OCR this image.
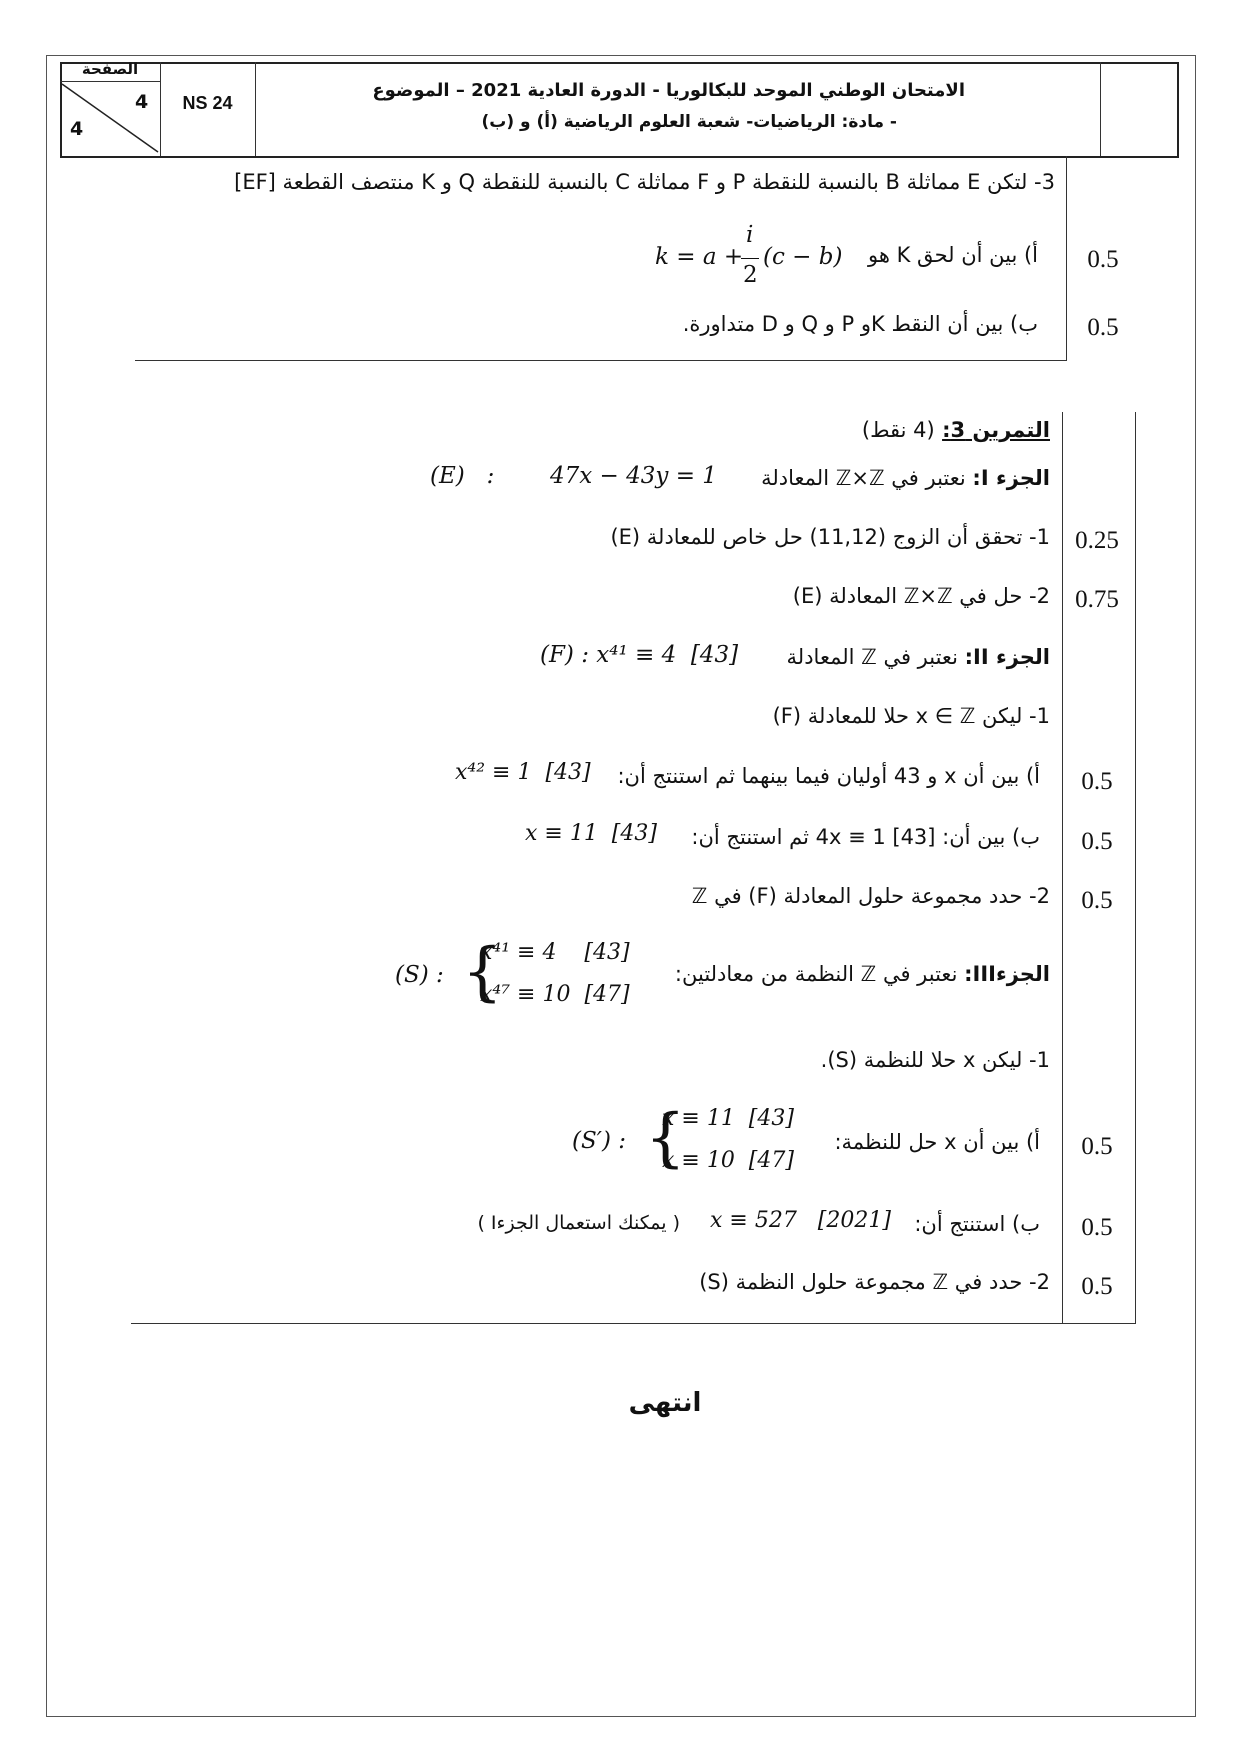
الصفحة
4
4
NS 24
الامتحان الوطني الموحد للبكالوريا - الدورة العادية 2021 – الموضوع
- مادة: الرياضيات- شعبة العلوم الرياضية (أ) و (ب)
3- لتكن E مماثلة B بالنسبة للنقطة P و F مماثلة C بالنسبة للنقطة Q و K منتصف القطعة [EF]
0.5
أ) بين أن لحق K هو
k = a +
i
2
(c − b)
0.5
ب) بين أن النقط Kو P و Q و D متداورة.
التمرين 3: (4 نقط)
الجزء I: نعتبر في ℤ×ℤ المعادلة
47x − 43y = 1
(E)   :
0.25
1- تحقق أن الزوج (11,12) حل خاص للمعادلة (E)
0.75
2- حل في ℤ×ℤ المعادلة (E)
الجزء II: نعتبر في ℤ المعادلة
(F) : x⁴¹ ≡ 4  [43]
1- ليكن x ∈ ℤ حلا للمعادلة (F)
0.5
أ) بين أن x و 43 أوليان فيما بينهما ثم استنتج أن:
x⁴² ≡ 1  [43]
0.5
ب) بين أن: 4x ≡ 1 [43] ثم استنتج أن:
x ≡ 11  [43]
0.5
2- حدد مجموعة حلول المعادلة (F) في ℤ
الجزءIII: نعتبر في ℤ النظمة من معادلتين:
(S) : {
x⁴¹ ≡ 4    [43]
x⁴⁷ ≡ 10  [47]
1- ليكن x حلا للنظمة (S).
0.5
أ) بين أن x حل للنظمة:
(S′) : {
x ≡ 11  [43]
x ≡ 10  [47]
0.5
ب) استنتج أن:
x ≡ 527   [2021]
( يمكنك استعمال الجزءI )
0.5
2- حدد في ℤ مجموعة حلول النظمة (S)
انتهى
